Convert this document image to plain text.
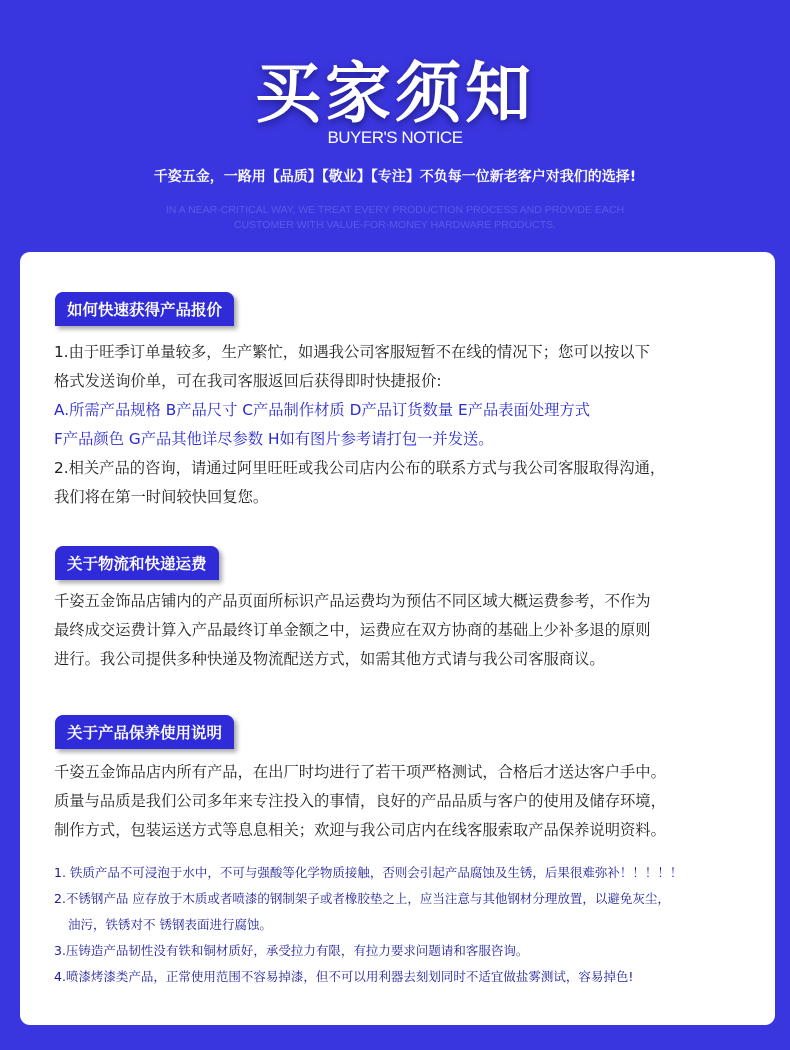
买家须知
BUYER'S NOTICE
千姿五金，一路用【品质】【敬业】【专注】不负每一位新老客户对我们的选择!
IN A NEAR-CRITICAL WAY, WE TREAT EVERY PRODUCTION PROCESS AND PROVIDE EACH
CUSTOMER WITH VALUE-FOR-MONEY HARDWARE PRODUCTS.
如何快速获得产品报价
1.由于旺季订单量较多，生产繁忙，如遇我公司客服短暂不在线的情况下；您可以按以下
格式发送询价单，可在我司客服返回后获得即时快捷报价:
A.所需产品规格 B产品尺寸 C产品制作材质 D产品订货数量 E产品表面处理方式
F产品颜色 G产品其他详尽参数 H如有图片参考请打包一并发送。
2.相关产品的咨询，请通过阿里旺旺或我公司店内公布的联系方式与我公司客服取得沟通，
我们将在第一时间较快回复您。
关于物流和快递运费
千姿五金饰品店铺内的产品页面所标识产品运费均为预估不同区域大概运费参考，不作为
最终成交运费计算入产品最终订单金额之中，运费应在双方协商的基础上少补多退的原则
进行。我公司提供多种快递及物流配送方式，如需其他方式请与我公司客服商议。
关于产品保养使用说明
千姿五金饰品店内所有产品，在出厂时均进行了若干项严格测试，合格后才送达客户手中。
质量与品质是我们公司多年来专注投入的事情，良好的产品品质与客户的使用及储存环境，
制作方式，包装运送方式等息息相关；欢迎与我公司店内在线客服索取产品保养说明资料。
1. 铁质产品不可浸泡于水中，不可与强酸等化学物质接触，否则会引起产品腐蚀及生锈，后果很难弥补！！！！！
2.不锈钢产品 应存放于木质或者喷漆的钢制架子或者橡胶垫之上，应当注意与其他钢材分理放置，以避免灰尘，
油污，铁锈对不 锈钢表面进行腐蚀。
3.压铸造产品韧性没有铁和铜材质好，承受拉力有限，有拉力要求问题请和客服咨询。
4.喷漆烤漆类产品，正常使用范围不容易掉漆，但不可以用利器去刻划同时不适宜做盐雾测试，容易掉色!
